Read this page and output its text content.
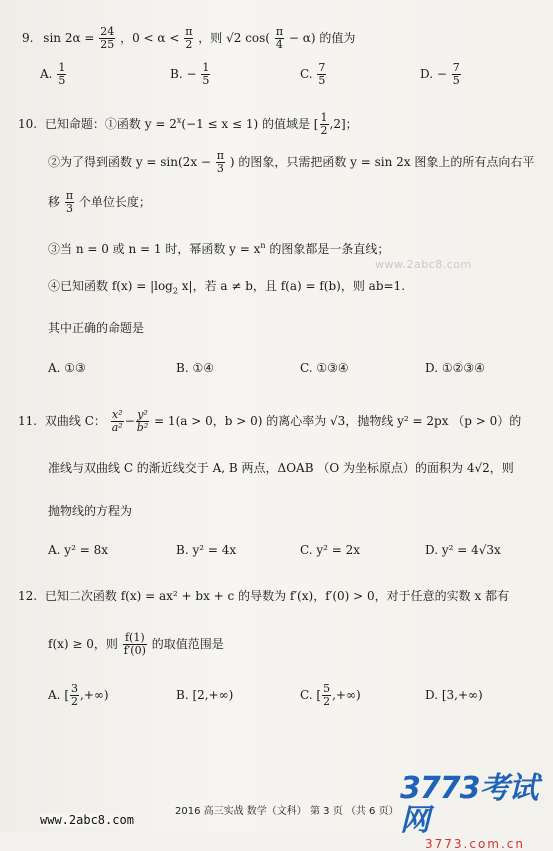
9. $\sin 2\alpha = \frac{24}{25}$ ，$0 < \alpha < \frac{\pi}{2}$ ，则 √2 $\cos( \frac{\pi}{4} - \alpha)$ 的值为
A. $\frac{1}{5}$	B. − $\frac{1}{5}$	C. $\frac{7}{5}$	D. − $\frac{7}{5}$
10. 已知命题：①函数 $y = 2^x(-1 \le x \le 1)$ 的值域是 [ $\frac{1}{2} ,2$]；
②为了得到函数 $y = \sin(2x - \frac{\pi}{3}$ ) 的图象，只需把函数 y = sin 2x 图象上的所有点向右平
移 $\frac{\pi}{3}$ 个单位长度；
③当 n = 0 或 n = 1 时，幂函数 $y = x^n$ 的图象都是一条直线；
www.2abc8.com
④已知函数 $f(x) = |\log_2$ x|，若 a ≠ b，且 f(a) = f(b)，则 ab=1.
其中正确的命题是
A. ①③	B. ①④	C. ①③④	D. ①②③④
11. 双曲线 C： $\frac{\text{x²}}{\text{a²}} - \frac{\text{y²}}{\text{b²}} = 1(a > 0$，b > 0) 的离心率为 √3，抛物线 y² = 2px （p > 0）的
准线与双曲线 C 的渐近线交于 A, B 两点，ΔOAB （O 为坐标原点）的面积为 4√2，则
抛物线的方程为
A. y² = 8x	B. y² = 4x	C. y² = 2x	D. y² = 4√3x
12. 已知二次函数 f(x) = ax² + bx + c 的导数为 f′(x)，f′(0) > 0，对于任意的实数 x 都有
f(x) ≥ 0，则 $\frac{f(1)}{f'(0)}$ 的取值范围是
A. [ $\frac{3}{2}$ ,+∞)	B. [2,+∞)	C. [ $\frac{5}{2}$ ,+∞)	D. [3,+∞)
3773考试网
3773.com.cn
2016 高三实战 数学（文科） 第 3 页 （共 6 页）
www.2abc8.com
